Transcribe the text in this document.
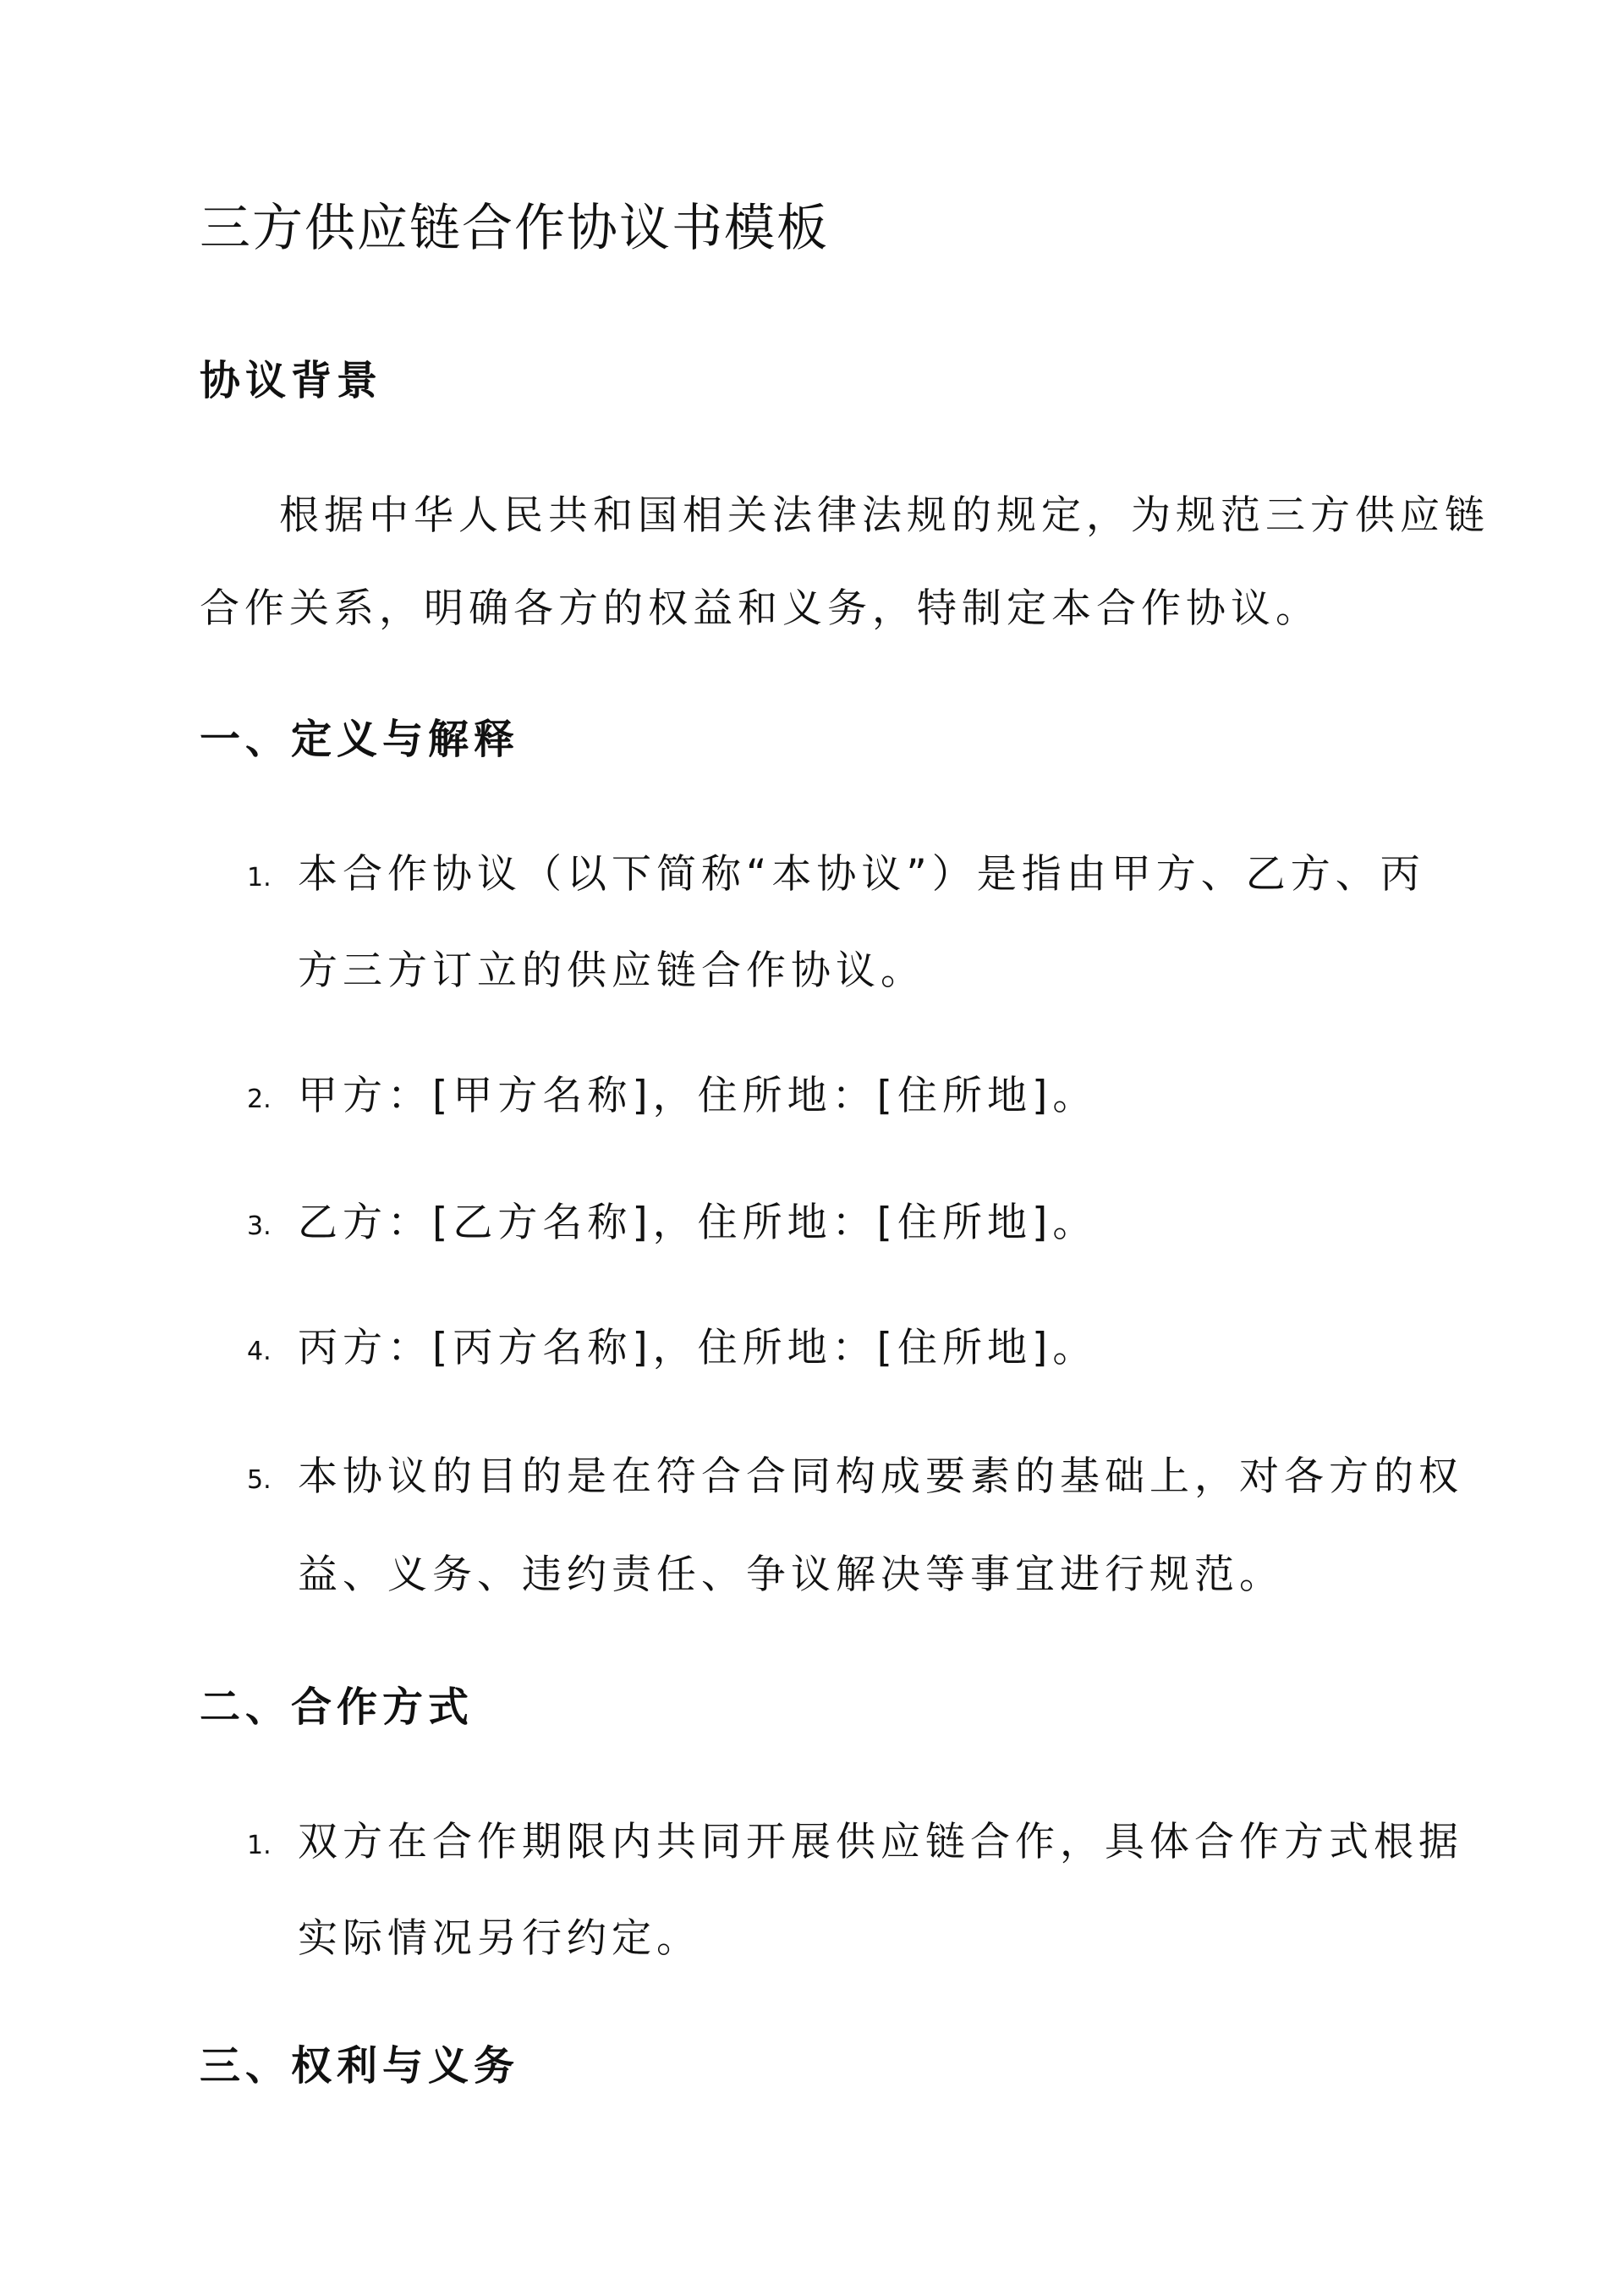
三方供应链合作协议书模板
协议背景

根据中华人民共和国相关法律法规的规定，为规范三方供应链

合作关系，明确各方的权益和义务，特制定本合作协议。

一、定义与解释
1. 本合作协议（以下简称“本协议”）是指由甲方、乙方、丙
方三方订立的供应链合作协议。
2. 甲方：[甲方名称]，住所地：[住所地]。
3. 乙方：[乙方名称]，住所地：[住所地]。
4. 丙方：[丙方名称]，住所地：[住所地]。
5. 本协议的目的是在符合合同构成要素的基础上，对各方的权
益、义务、违约责任、争议解决等事宜进行规范。
二、合作方式
1. 双方在合作期限内共同开展供应链合作，具体合作方式根据
实际情况另行约定。
三、权利与义务
